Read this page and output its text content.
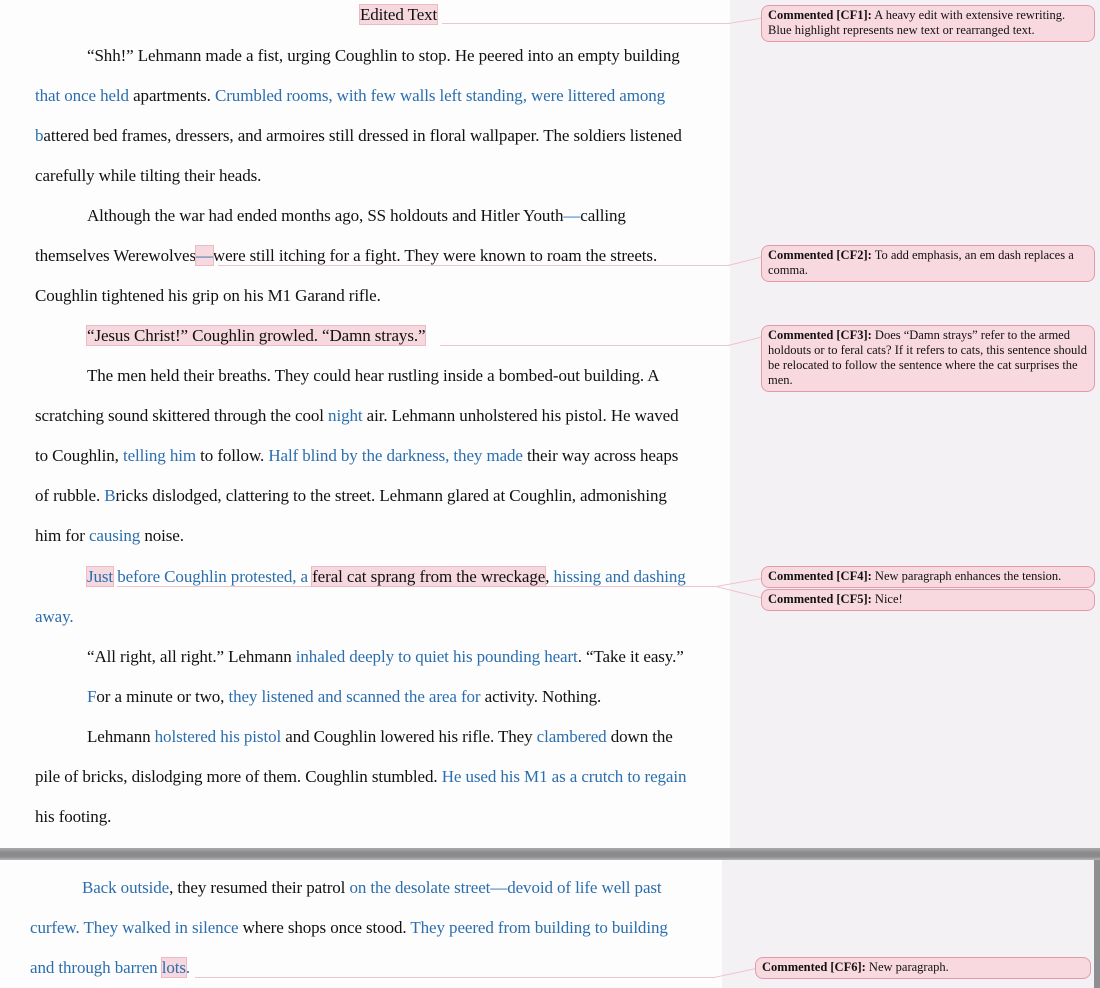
Edited Text
“Shh!” Lehmann made a fist, urging Coughlin to stop. He peered into an empty building
that once held apartments. Crumbled rooms, with few walls left standing, were littered among
battered bed frames, dressers, and armoires still dressed in floral wallpaper. The soldiers listened
carefully while tilting their heads.
Although the war had ended months ago, SS holdouts and Hitler Youth—calling
themselves Werewolves—were still itching for a fight. They were known to roam the streets.
Coughlin tightened his grip on his M1 Garand rifle.
“Jesus Christ!” Coughlin growled. “Damn strays.”
The men held their breaths. They could hear rustling inside a bombed-out building. A
scratching sound skittered through the cool night air. Lehmann unholstered his pistol. He waved
to Coughlin, telling him to follow. Half blind by the darkness, they made their way across heaps
of rubble. Bricks dislodged, clattering to the street. Lehmann glared at Coughlin, admonishing
him for causing noise.
Just before Coughlin protested, a feral cat sprang from the wreckage, hissing and dashing
away.
“All right, all right.” Lehmann inhaled deeply to quiet his pounding heart. “Take it easy.”
For a minute or two, they listened and scanned the area for activity. Nothing.
Lehmann holstered his pistol and Coughlin lowered his rifle. They clambered down the
pile of bricks, dislodging more of them. Coughlin stumbled. He used his M1 as a crutch to regain
his footing.
Commented [CF1]: A heavy edit with extensive rewriting. Blue highlight represents new text or rearranged text.
Commented [CF2]: To add emphasis, an em dash replaces a comma.
Commented [CF3]: Does “Damn strays” refer to the armed holdouts or to feral cats? If it refers to cats, this sentence should be relocated to follow the sentence where the cat surprises the men.
Commented [CF4]: New paragraph enhances the tension.
Commented [CF5]: Nice!
Back outside, they resumed their patrol on the desolate street—devoid of life well past
curfew. They walked in silence where shops once stood. They peered from building to building
and through barren lots.	Commented [CF6]: New paragraph.
